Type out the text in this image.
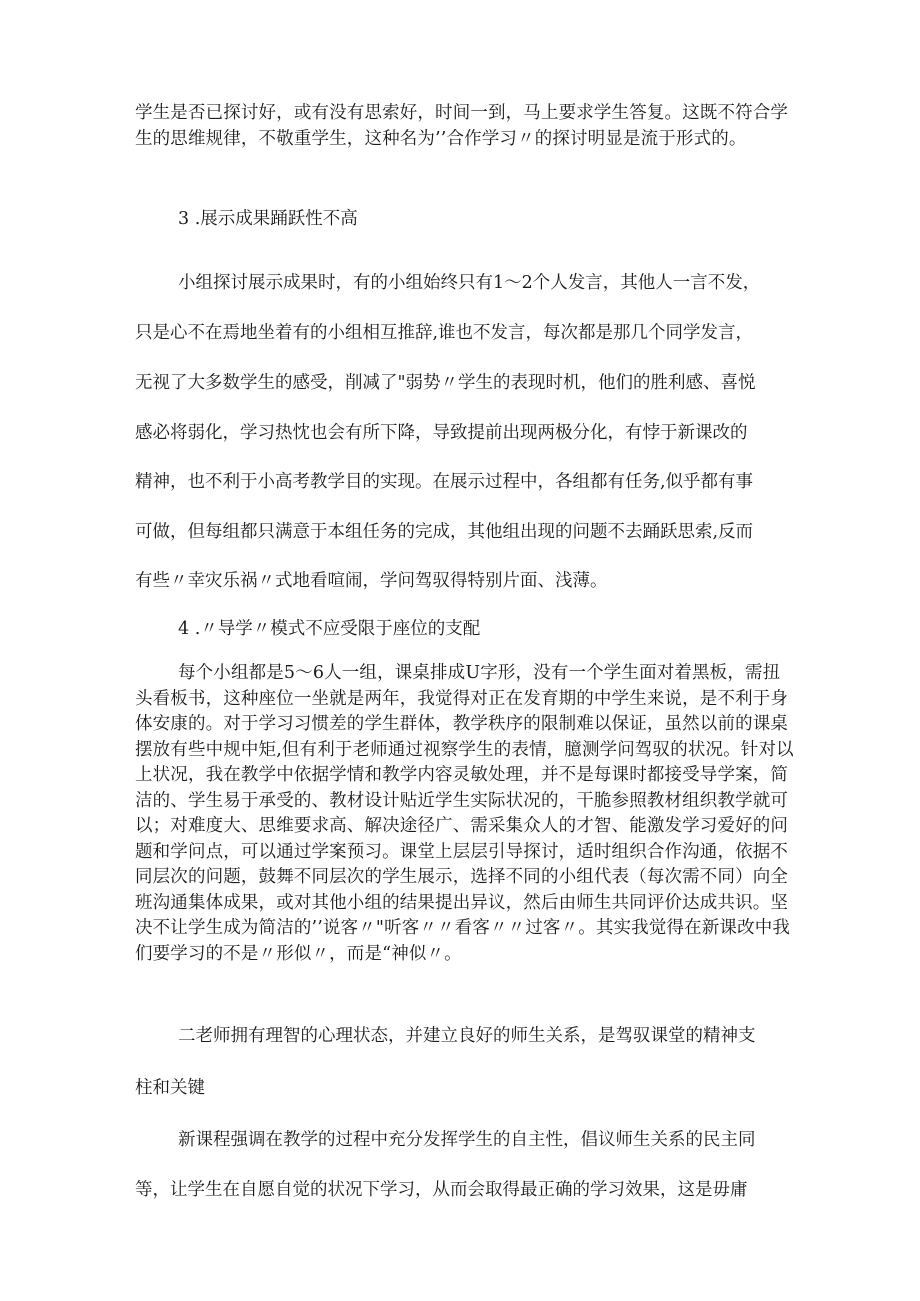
学生是否已探讨好，或有没有思索好，时间一到，马上要求学生答复。这既不符合学生的思维规律，不敬重学生，这种名为’’合作学习〃的探讨明显是流于形式的。

3 .展示成果踊跃性不高

小组探讨展示成果时，有的小组始终只有1～2个人发言，其他人一言不发，

只是心不在焉地坐着有的小组相互推辞,谁也不发言，每次都是那几个同学发言，

无视了大多数学生的感受，削减了"弱势〃学生的表现时机，他们的胜利感、喜悦

感必将弱化，学习热忱也会有所下降，导致提前出现两极分化，有悖于新课改的

精神，也不利于小高考教学目的实现。在展示过程中，各组都有任务,似乎都有事

可做，但每组都只满意于本组任务的完成，其他组出现的问题不去踊跃思索,反而

有些〃幸灾乐祸〃式地看喧闹，学问驾驭得特别片面、浅薄。

4 .〃导学〃模式不应受限于座位的支配

每个小组都是5～6人一组，课桌排成U字形，没有一个学生面对着黑板，需扭头看板书，这种座位一坐就是两年，我觉得对正在发育期的中学生来说，是不利于身体安康的。对于学习习惯差的学生群体，教学秩序的限制难以保证，虽然以前的课桌摆放有些中规中矩,但有利于老师通过视察学生的表情，臆测学问驾驭的状况。针对以上状况，我在教学中依据学情和教学内容灵敏处理，并不是每课时都接受导学案，简洁的、学生易于承受的、教材设计贴近学生实际状况的，干脆参照教材组织教学就可以；对难度大、思维要求高、解决途径广、需采集众人的才智、能激发学习爱好的问题和学问点，可以通过学案预习。课堂上层层引导探讨，适时组织合作沟通，依据不同层次的问题，鼓舞不同层次的学生展示，选择不同的小组代表（每次需不同）向全班沟通集体成果，或对其他小组的结果提出异议，然后由师生共同评价达成共识。坚决不让学生成为简洁的’’说客〃"听客〃〃看客〃〃过客〃。其实我觉得在新课改中我们要学习的不是〃形似〃，而是“神似〃。

二老师拥有理智的心理状态，并建立良好的师生关系，是驾驭课堂的精神支

柱和关键

新课程强调在教学的过程中充分发挥学生的自主性，倡议师生关系的民主同

等，让学生在自愿自觉的状况下学习，从而会取得最正确的学习效果，这是毋庸
